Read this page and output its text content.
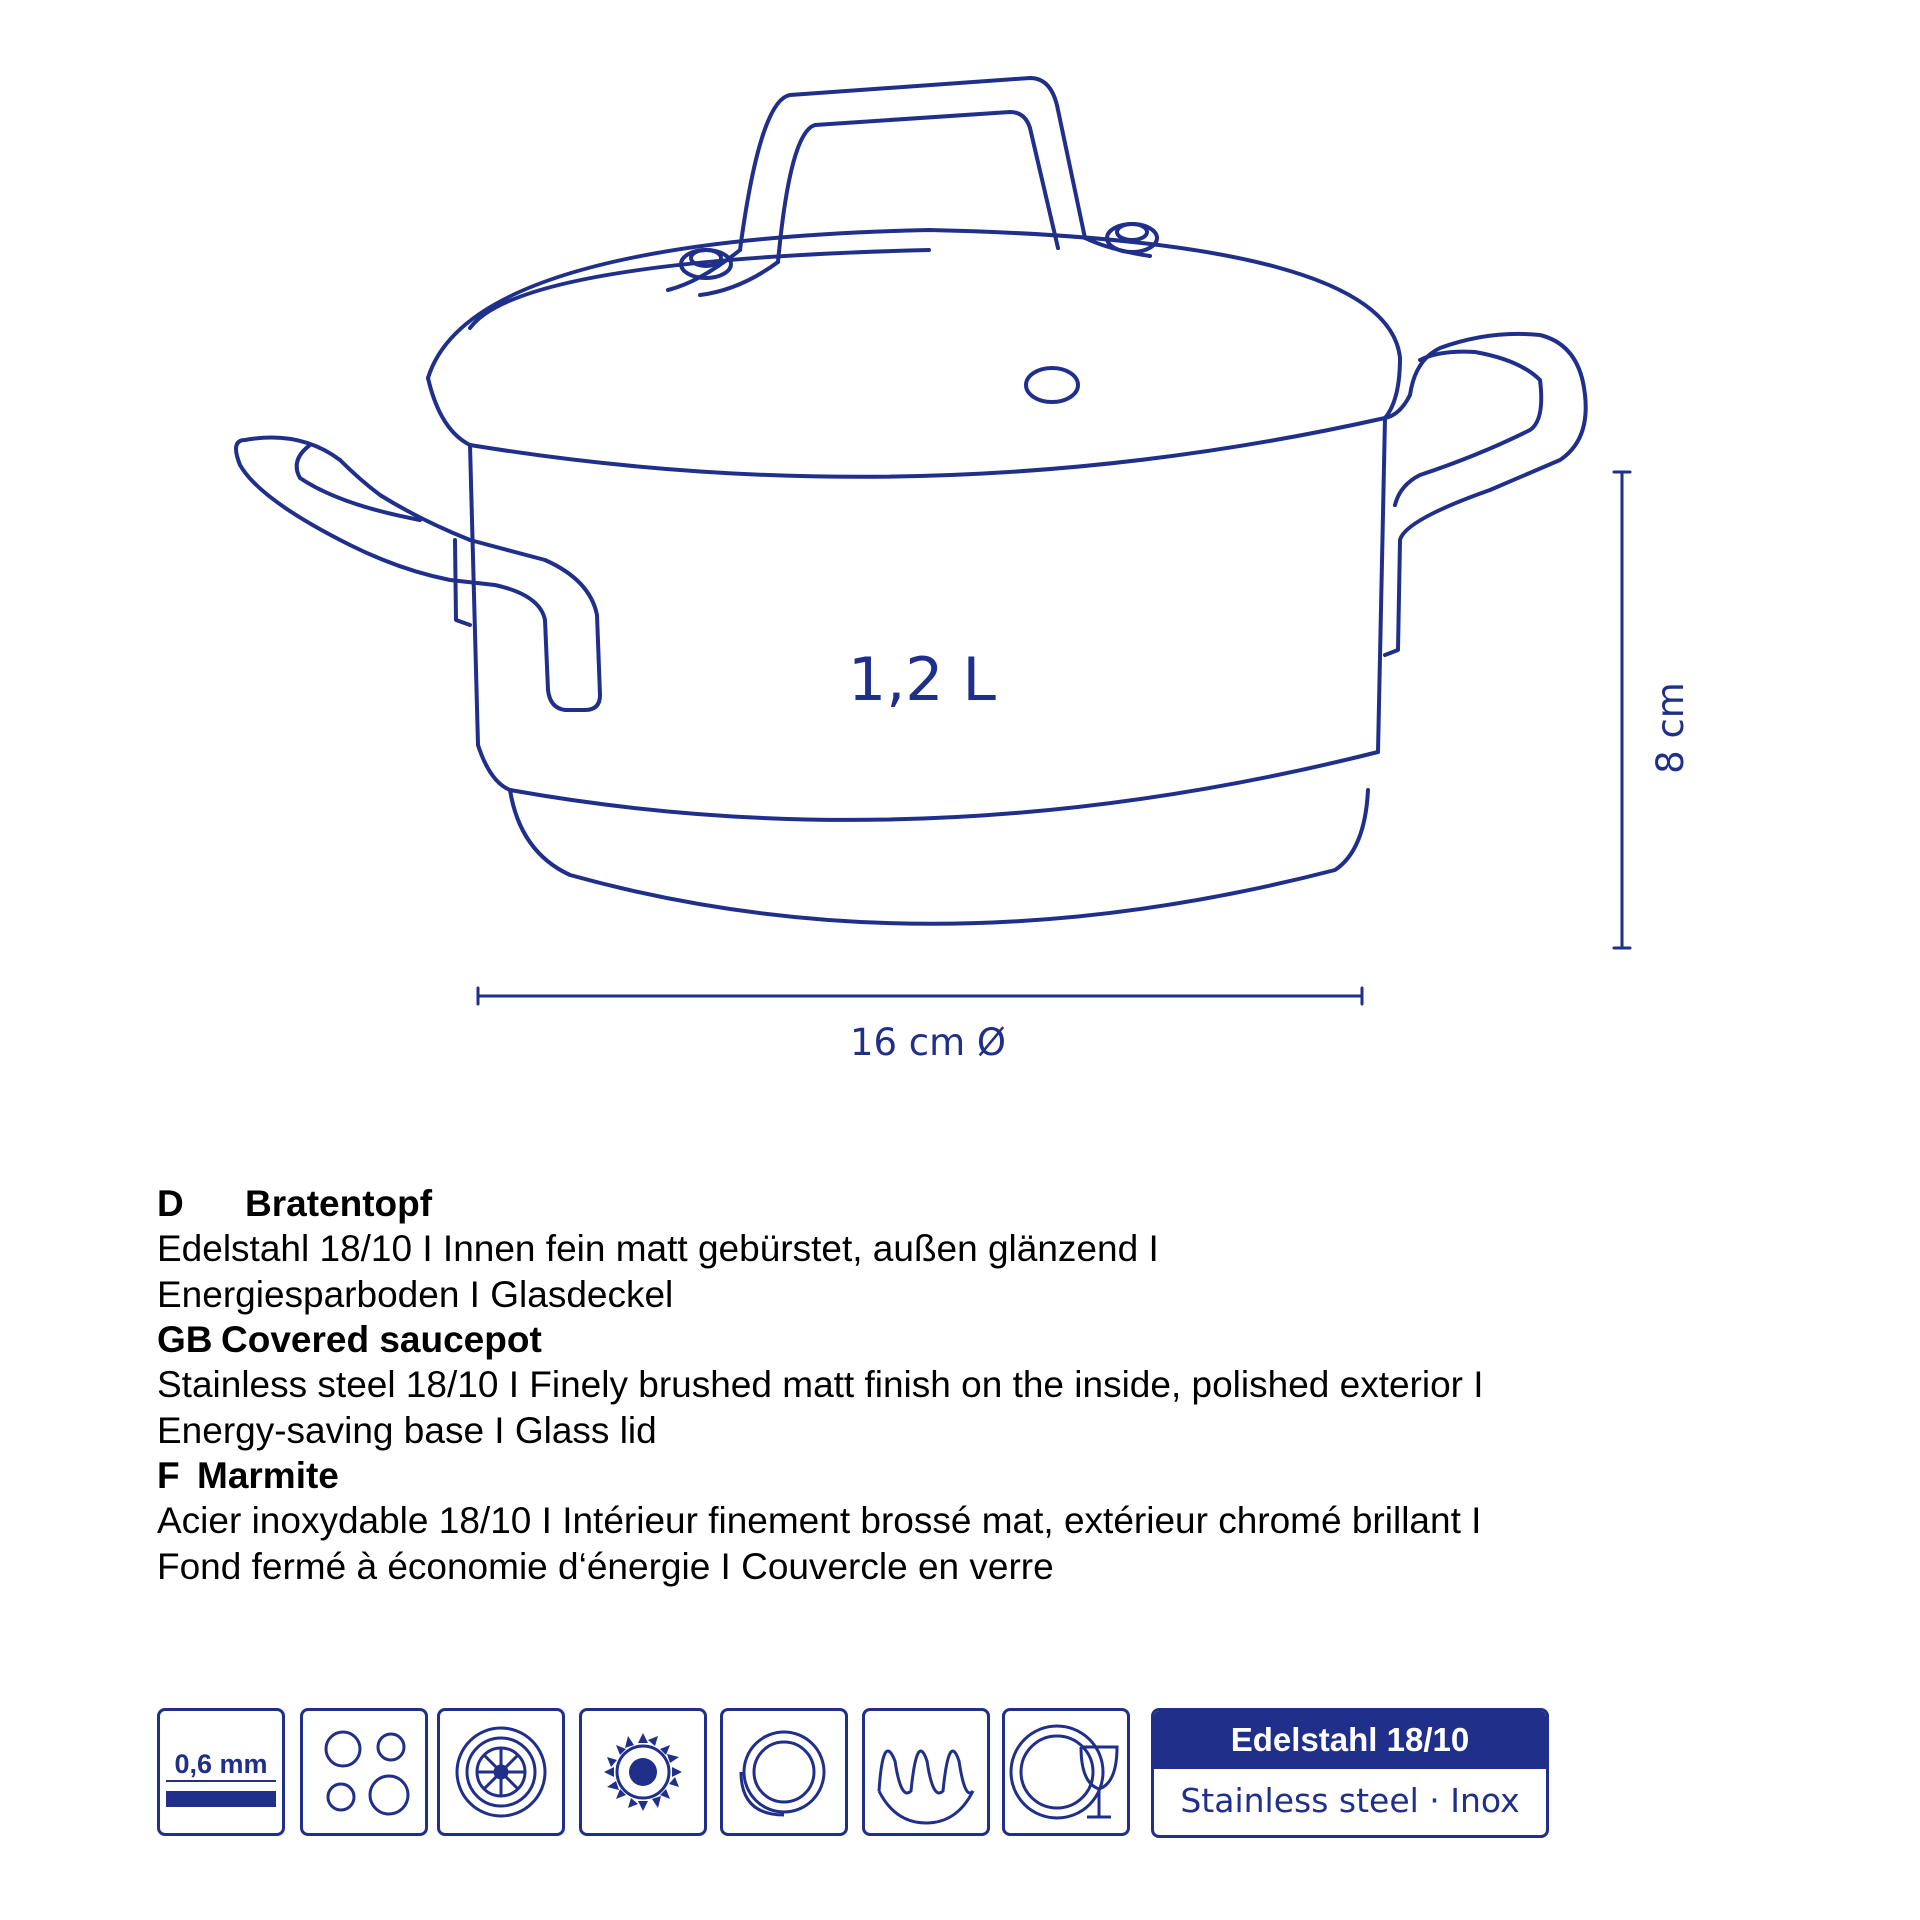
1,2 L
16 cm Ø
8 cm
D Bratentopf
Edelstahl 18/10 I Innen fein matt gebürstet, außen glänzend I
Energiesparboden I Glasdeckel
GB Covered saucepot
Stainless steel 18/10 I Finely brushed matt finish on the inside, polished exterior I
Energy-saving base I Glass lid
F Marmite
Acier inoxydable 18/10 I Intérieur finement brossé mat, extérieur chromé brillant I
Fond fermé à économie d‘énergie I Couvercle en verre
0,6 mm
Edelstahl 18/10
Stainless steel · Inox
